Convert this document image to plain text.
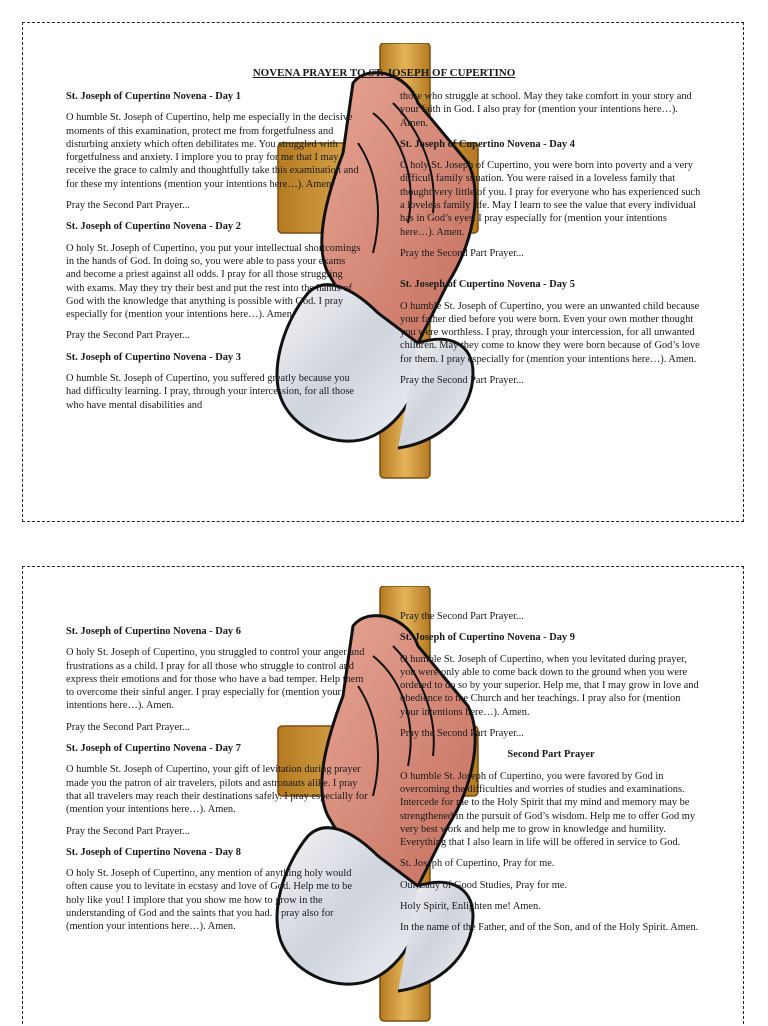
NOVENA PRAYER TO ST. JOSEPH OF CUPERTINO

St. Joseph of Cupertino Novena - Day 1

O humble St. Joseph of Cupertino, help me especially in the decisive moments of this examination, protect me from forgetfulness and disturbing anxiety which often debilitates me. You struggled with forgetfulness and anxiety. I implore you to pray for me that I may receive the grace to calmly and thoughtfully take this examination and for these my intentions (mention your intentions here…). Amen.

Pray the Second Part Prayer...

St. Joseph of Cupertino Novena - Day 2

O holy St. Joseph of Cupertino, you put your intellectual shortcomings in the hands of God. In doing so, you were able to pass your exams and become a priest against all odds. I pray for all those struggling with exams. May they try their best and put the rest into the hands of God with the knowledge that anything is possible with God. I pray especially for (mention your intentions here…). Amen.

Pray the Second Part Prayer...

St. Joseph of Cupertino Novena - Day 3

O humble St. Joseph of Cupertino, you suffered greatly because you had difficulty learning. I pray, through your intercession, for all those who have mental disabilities and

those who struggle at school. May they take comfort in your story and your faith in God. I also pray for (mention your intentions here…). Amen.

St. Joseph of Cupertino Novena - Day 4

O holy St. Joseph of Cupertino, you were born into poverty and a very difficult family situation. You were raised in a loveless family that thought very little of you. I pray for everyone who has experienced such a loveless family life. May I learn to see the value that every individual has in God’s eyes. I pray especially for (mention your intentions here…). Amen.

Pray the Second Part Prayer...

St. Joseph of Cupertino Novena - Day 5

O humble St. Joseph of Cupertino, you were an unwanted child because your father died before you were born. Even your own mother thought you were worthless. I pray, through your intercession, for all unwanted children. May they come to know they were born because of God’s love for them. I pray especially for (mention your intentions here…). Amen.

Pray the Second Part Prayer...

St. Joseph of Cupertino Novena - Day 6

O holy St. Joseph of Cupertino, you struggled to control your anger and frustrations as a child. I pray for all those who struggle to control and express their emotions and for those who have a bad temper. Help them to overcome their sinful anger. I pray especially for (mention your intentions here…). Amen.

Pray the Second Part Prayer...

St. Joseph of Cupertino Novena - Day 7

O humble St. Joseph of Cupertino, your gift of levitation during prayer made you the patron of air travelers, pilots and astronauts alike. I pray that all travelers may reach their destinations safely. I pray especially for (mention your intentions here…). Amen.

Pray the Second Part Prayer...

St. Joseph of Cupertino Novena - Day 8

O holy St. Joseph of Cupertino, any mention of anything holy would often cause you to levitate in ecstasy and love of God. Help me to be holy like you! I implore that you show me how to grow in the understanding of God and the saints that you had. I pray also for (mention your intentions here…). Amen.

Pray the Second Part Prayer...

St. Joseph of Cupertino Novena - Day 9

O humble St. Joseph of Cupertino, when you levitated during prayer, you were only able to come back down to the ground when you were ordered to do so by your superior. Help me, that I may grow in love and obedience to the Church and her teachings. I pray also for (mention your intentions here…). Amen.

Pray the Second Part Prayer...

Second Part Prayer

O humble St. Joseph of Cupertino, you were favored by God in overcoming the difficulties and worries of studies and examinations. Intercede for me to the Holy Spirit that my mind and memory may be strengthened in the pursuit of God’s wisdom. Help me to offer God my very best work and help me to grow in knowledge and humility. Everything that I also learn in life will be offered in service to God.

St. Joseph of Cupertino, Pray for me.

Our Lady of Good Studies, Pray for me.

Holy Spirit, Enlighten me! Amen.

In the name of the Father, and of the Son, and of the Holy Spirit. Amen.
